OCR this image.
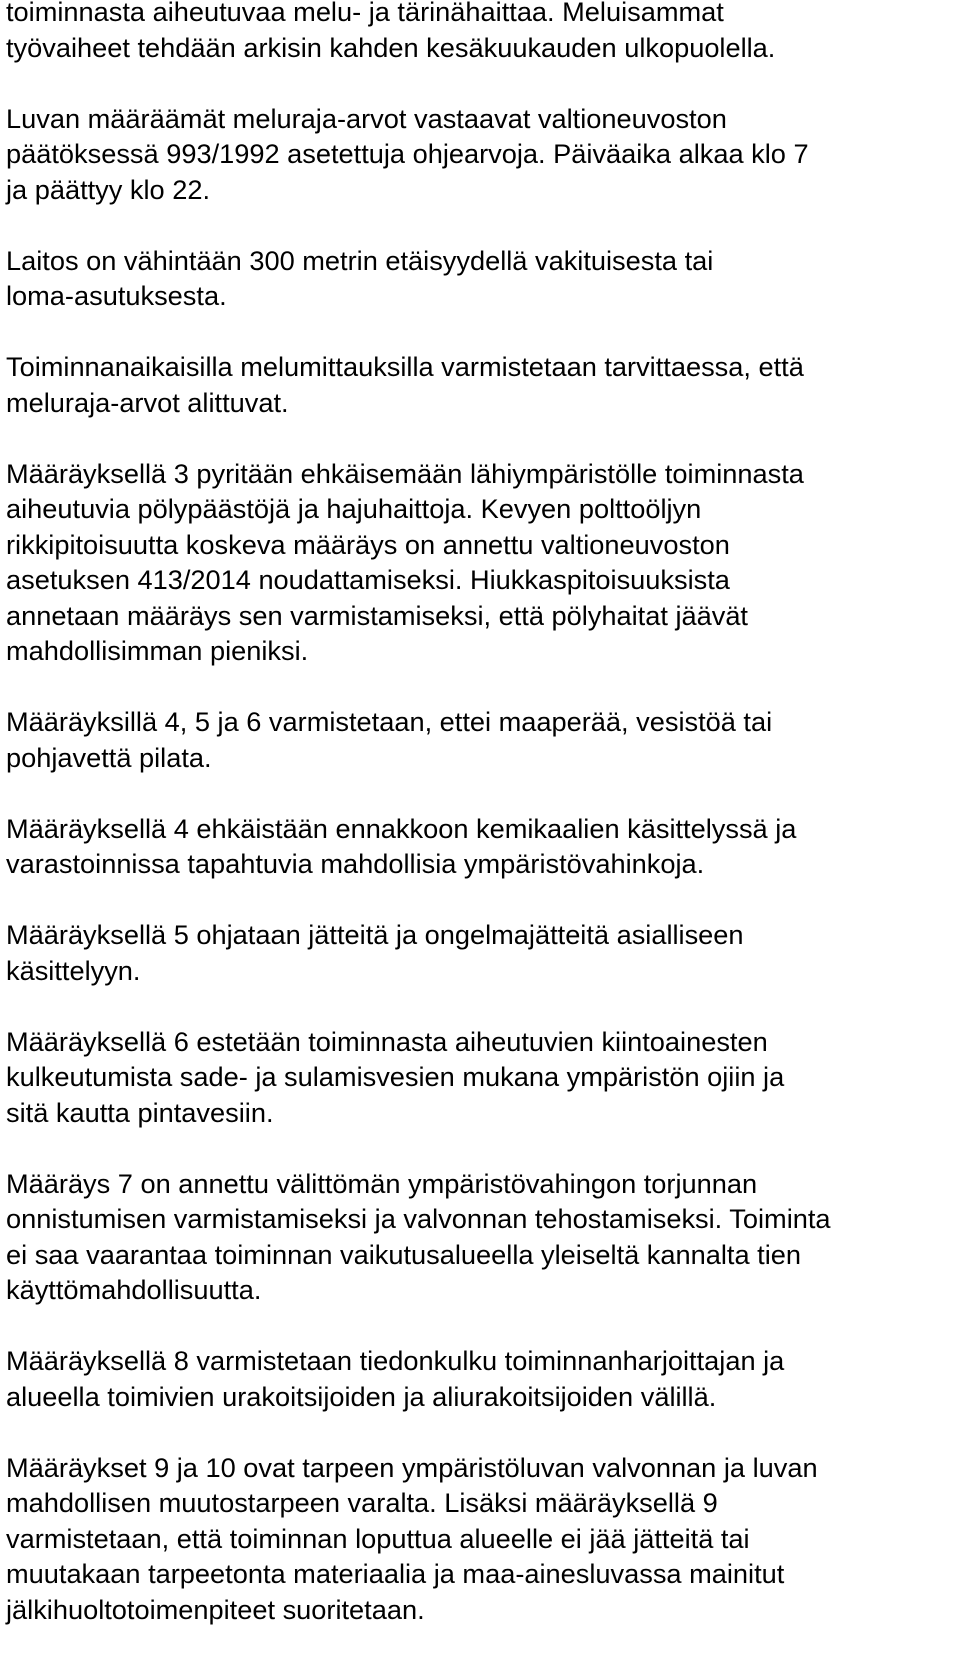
toiminnasta aiheutuvaa melu- ja tärinähaittaa. Meluisammat
työvaiheet tehdään arkisin kahden kesäkuukauden ulkopuolella.

Luvan määräämät meluraja-arvot vastaavat valtioneuvoston
päätöksessä 993/1992 asetettuja ohjearvoja. Päiväaika alkaa klo 7
ja päättyy klo 22.

Laitos on vähintään 300 metrin etäisyydellä vakituisesta tai
loma-asutuksesta.

Toiminnanaikaisilla melumittauksilla varmistetaan tarvittaessa, että
meluraja-arvot alittuvat.

Määräyksellä 3 pyritään ehkäisemään lähiympäristölle toiminnasta
aiheutuvia pölypäästöjä ja hajuhaittoja. Kevyen polttoöljyn
rikkipitoisuutta koskeva määräys on annettu valtioneuvoston
asetuksen 413/2014 noudattamiseksi. Hiukkaspitoisuuksista
annetaan määräys sen varmistamiseksi, että pölyhaitat jäävät
mahdollisimman pieniksi.

Määräyksillä 4, 5 ja 6 varmistetaan, ettei maaperää, vesistöä tai
pohjavettä pilata.

Määräyksellä 4 ehkäistään ennakkoon kemikaalien käsittelyssä ja
varastoinnissa tapahtuvia mahdollisia ympäristövahinkoja.

Määräyksellä 5 ohjataan jätteitä ja ongelmajätteitä asialliseen
käsittelyyn.

Määräyksellä 6 estetään toiminnasta aiheutuvien kiintoainesten
kulkeutumista sade- ja sulamisvesien mukana ympäristön ojiin ja
sitä kautta pintavesiin.

Määräys 7 on annettu välittömän ympäristövahingon torjunnan
onnistumisen varmistamiseksi ja valvonnan tehostamiseksi. Toiminta
ei saa vaarantaa toiminnan vaikutusalueella yleiseltä kannalta tien
käyttömahdollisuutta.

Määräyksellä 8 varmistetaan tiedonkulku toiminnanharjoittajan ja
alueella toimivien urakoitsijoiden ja aliurakoitsijoiden välillä.

Määräykset 9 ja 10 ovat tarpeen ympäristöluvan valvonnan ja luvan
mahdollisen muutostarpeen varalta. Lisäksi määräyksellä 9
varmistetaan, että toiminnan loputtua alueelle ei jää jätteitä tai
muutakaan tarpeetonta materiaalia ja maa-ainesluvassa mainitut
jälkihuoltotoimenpiteet suoritetaan.
